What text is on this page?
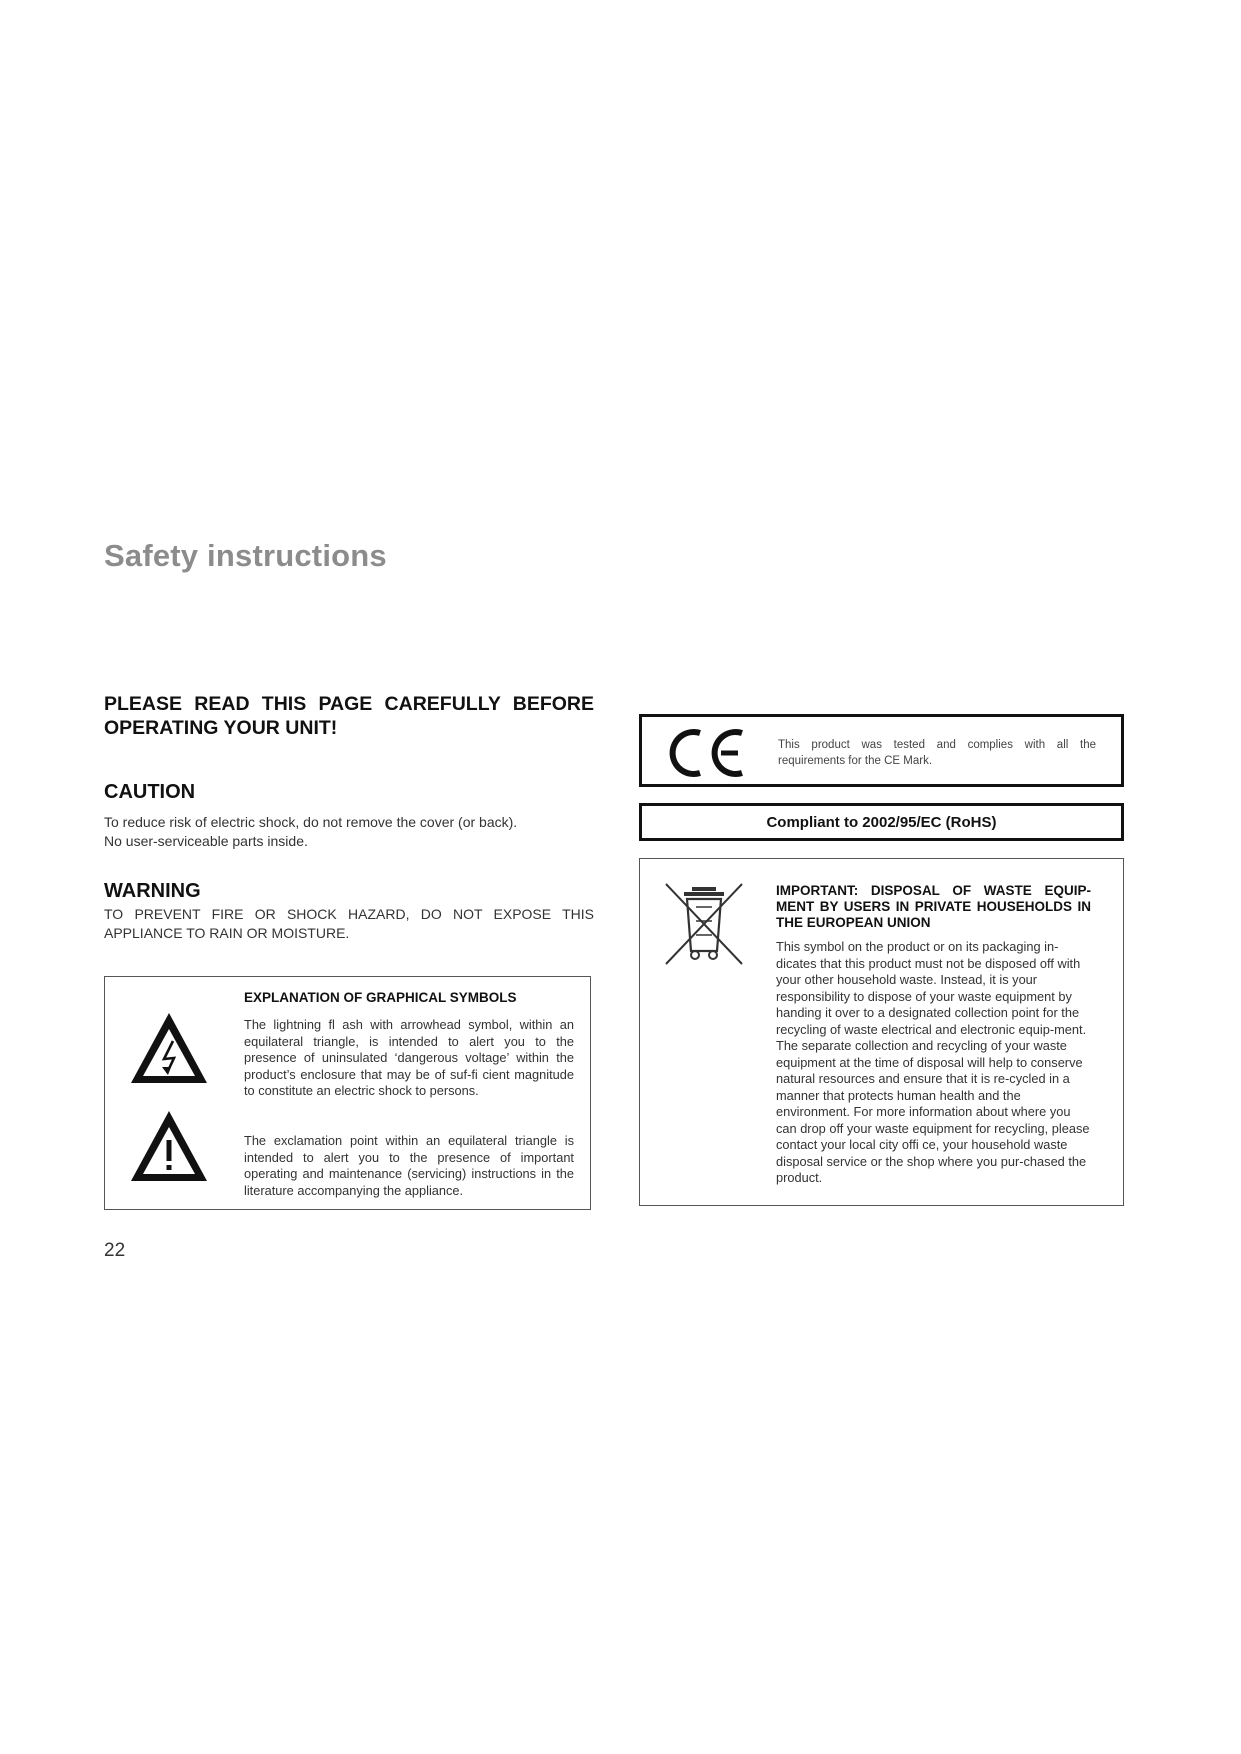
Safety instructions

PLEASE READ THIS PAGE CAREFULLY BEFORE OPERATING YOUR UNIT!

CAUTION

To reduce risk of electric shock, do not remove the cover (or back).
No user-serviceable parts inside.

WARNING

TO PREVENT FIRE OR SHOCK HAZARD, DO NOT EXPOSE THIS APPLIANCE TO RAIN OR MOISTURE.

EXPLANATION OF GRAPHICAL SYMBOLS

The lightning fl ash with arrowhead symbol, within an equilateral triangle, is intended to alert you to the presence of uninsulated ‘dangerous voltage’ within the product’s enclosure that may be of suf-fi cient magnitude to constitute an electric shock to persons.

The exclamation point within an equilateral triangle is intended to alert you to the presence of important operating and maintenance (servicing) instructions in the literature accompanying the appliance.

This product was tested and complies with all the requirements for the CE Mark.

Compliant to 2002/95/EC (RoHS)

IMPORTANT: DISPOSAL OF WASTE EQUIP-MENT BY USERS IN PRIVATE HOUSEHOLDS IN THE EUROPEAN UNION

This symbol on the product or on its packaging in-dicates that this product must not be disposed off with your other household waste. Instead, it is your responsibility to dispose of your waste equipment by handing it over to a designated collection point for the recycling of waste electrical and electronic equip-ment. The separate collection and recycling of your waste equipment at the time of disposal will help to conserve natural resources and ensure that it is re-cycled in a manner that protects human health and the environment. For more information about where you can drop off your waste equipment for recycling, please contact your local city offi ce, your household waste disposal service or the shop where you pur-chased the product.

22
